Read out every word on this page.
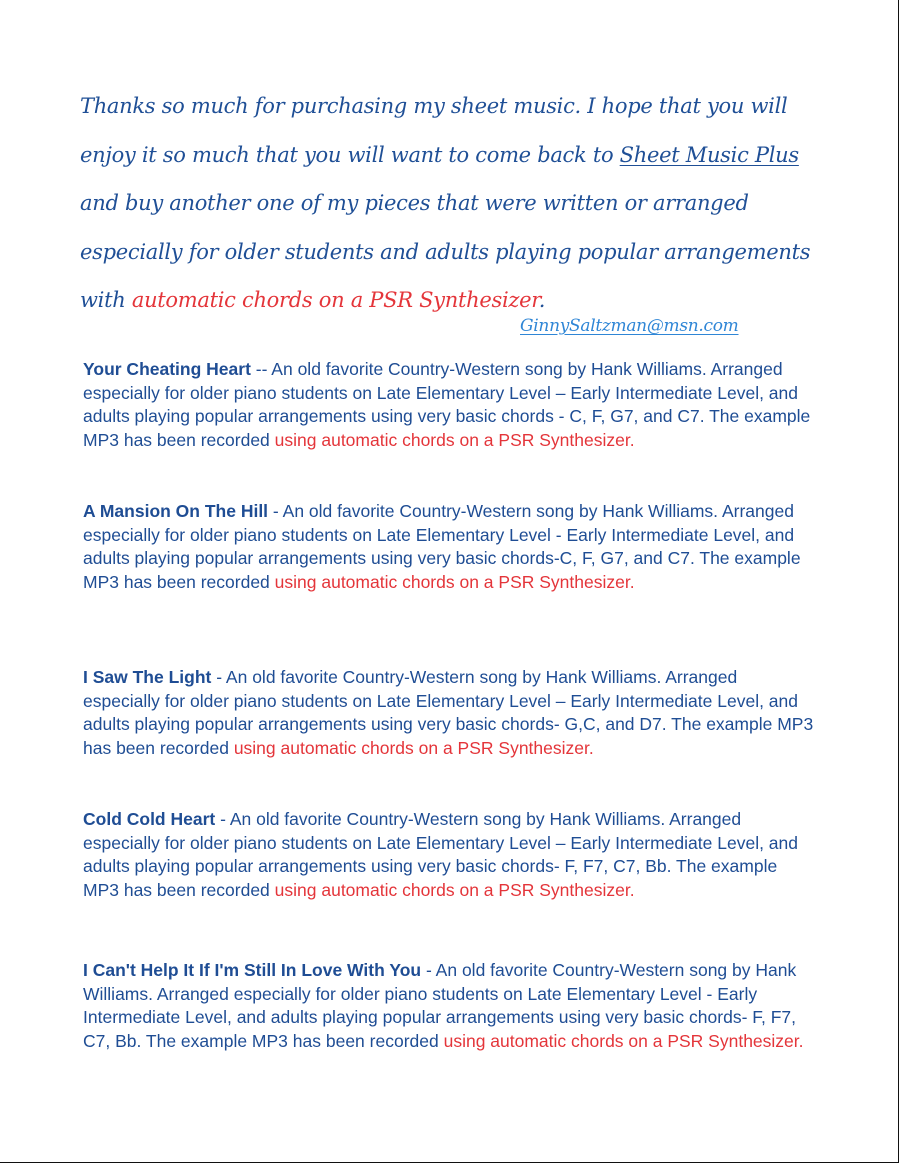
Thanks so much for purchasing my sheet music. I hope that you will enjoy it so much that you will want to come back to Sheet Music Plus and buy another one of my pieces that were written or arranged especially for older students and adults playing popular arrangements with automatic chords on a PSR Synthesizer.

GinnySaltzman@msn.com

Your Cheating Heart -- An old favorite Country-Western song by Hank Williams. Arranged especially for older piano students on Late Elementary Level – Early Intermediate Level, and adults playing popular arrangements using very basic chords - C, F, G7, and C7. The example MP3 has been recorded using automatic chords on a PSR Synthesizer.

A Mansion On The Hill - An old favorite Country-Western song by Hank Williams. Arranged especially for older piano students on Late Elementary Level - Early Intermediate Level, and adults playing popular arrangements using very basic chords-C, F, G7, and C7. The example MP3 has been recorded using automatic chords on a PSR Synthesizer.

I Saw The Light - An old favorite Country-Western song by Hank Williams. Arranged especially for older piano students on Late Elementary Level – Early Intermediate Level, and adults playing popular arrangements using very basic chords- G,C, and D7. The example MP3 has been recorded using automatic chords on a PSR Synthesizer.

Cold Cold Heart - An old favorite Country-Western song by Hank Williams. Arranged especially for older piano students on Late Elementary Level – Early Intermediate Level, and adults playing popular arrangements using very basic chords- F, F7, C7, Bb. The example MP3 has been recorded using automatic chords on a PSR Synthesizer.

I Can't Help It If I'm Still In Love With You - An old favorite Country-Western song by Hank Williams. Arranged especially for older piano students on Late Elementary Level - Early Intermediate Level, and adults playing popular arrangements using very basic chords- F, F7, C7, Bb. The example MP3 has been recorded using automatic chords on a PSR Synthesizer.
